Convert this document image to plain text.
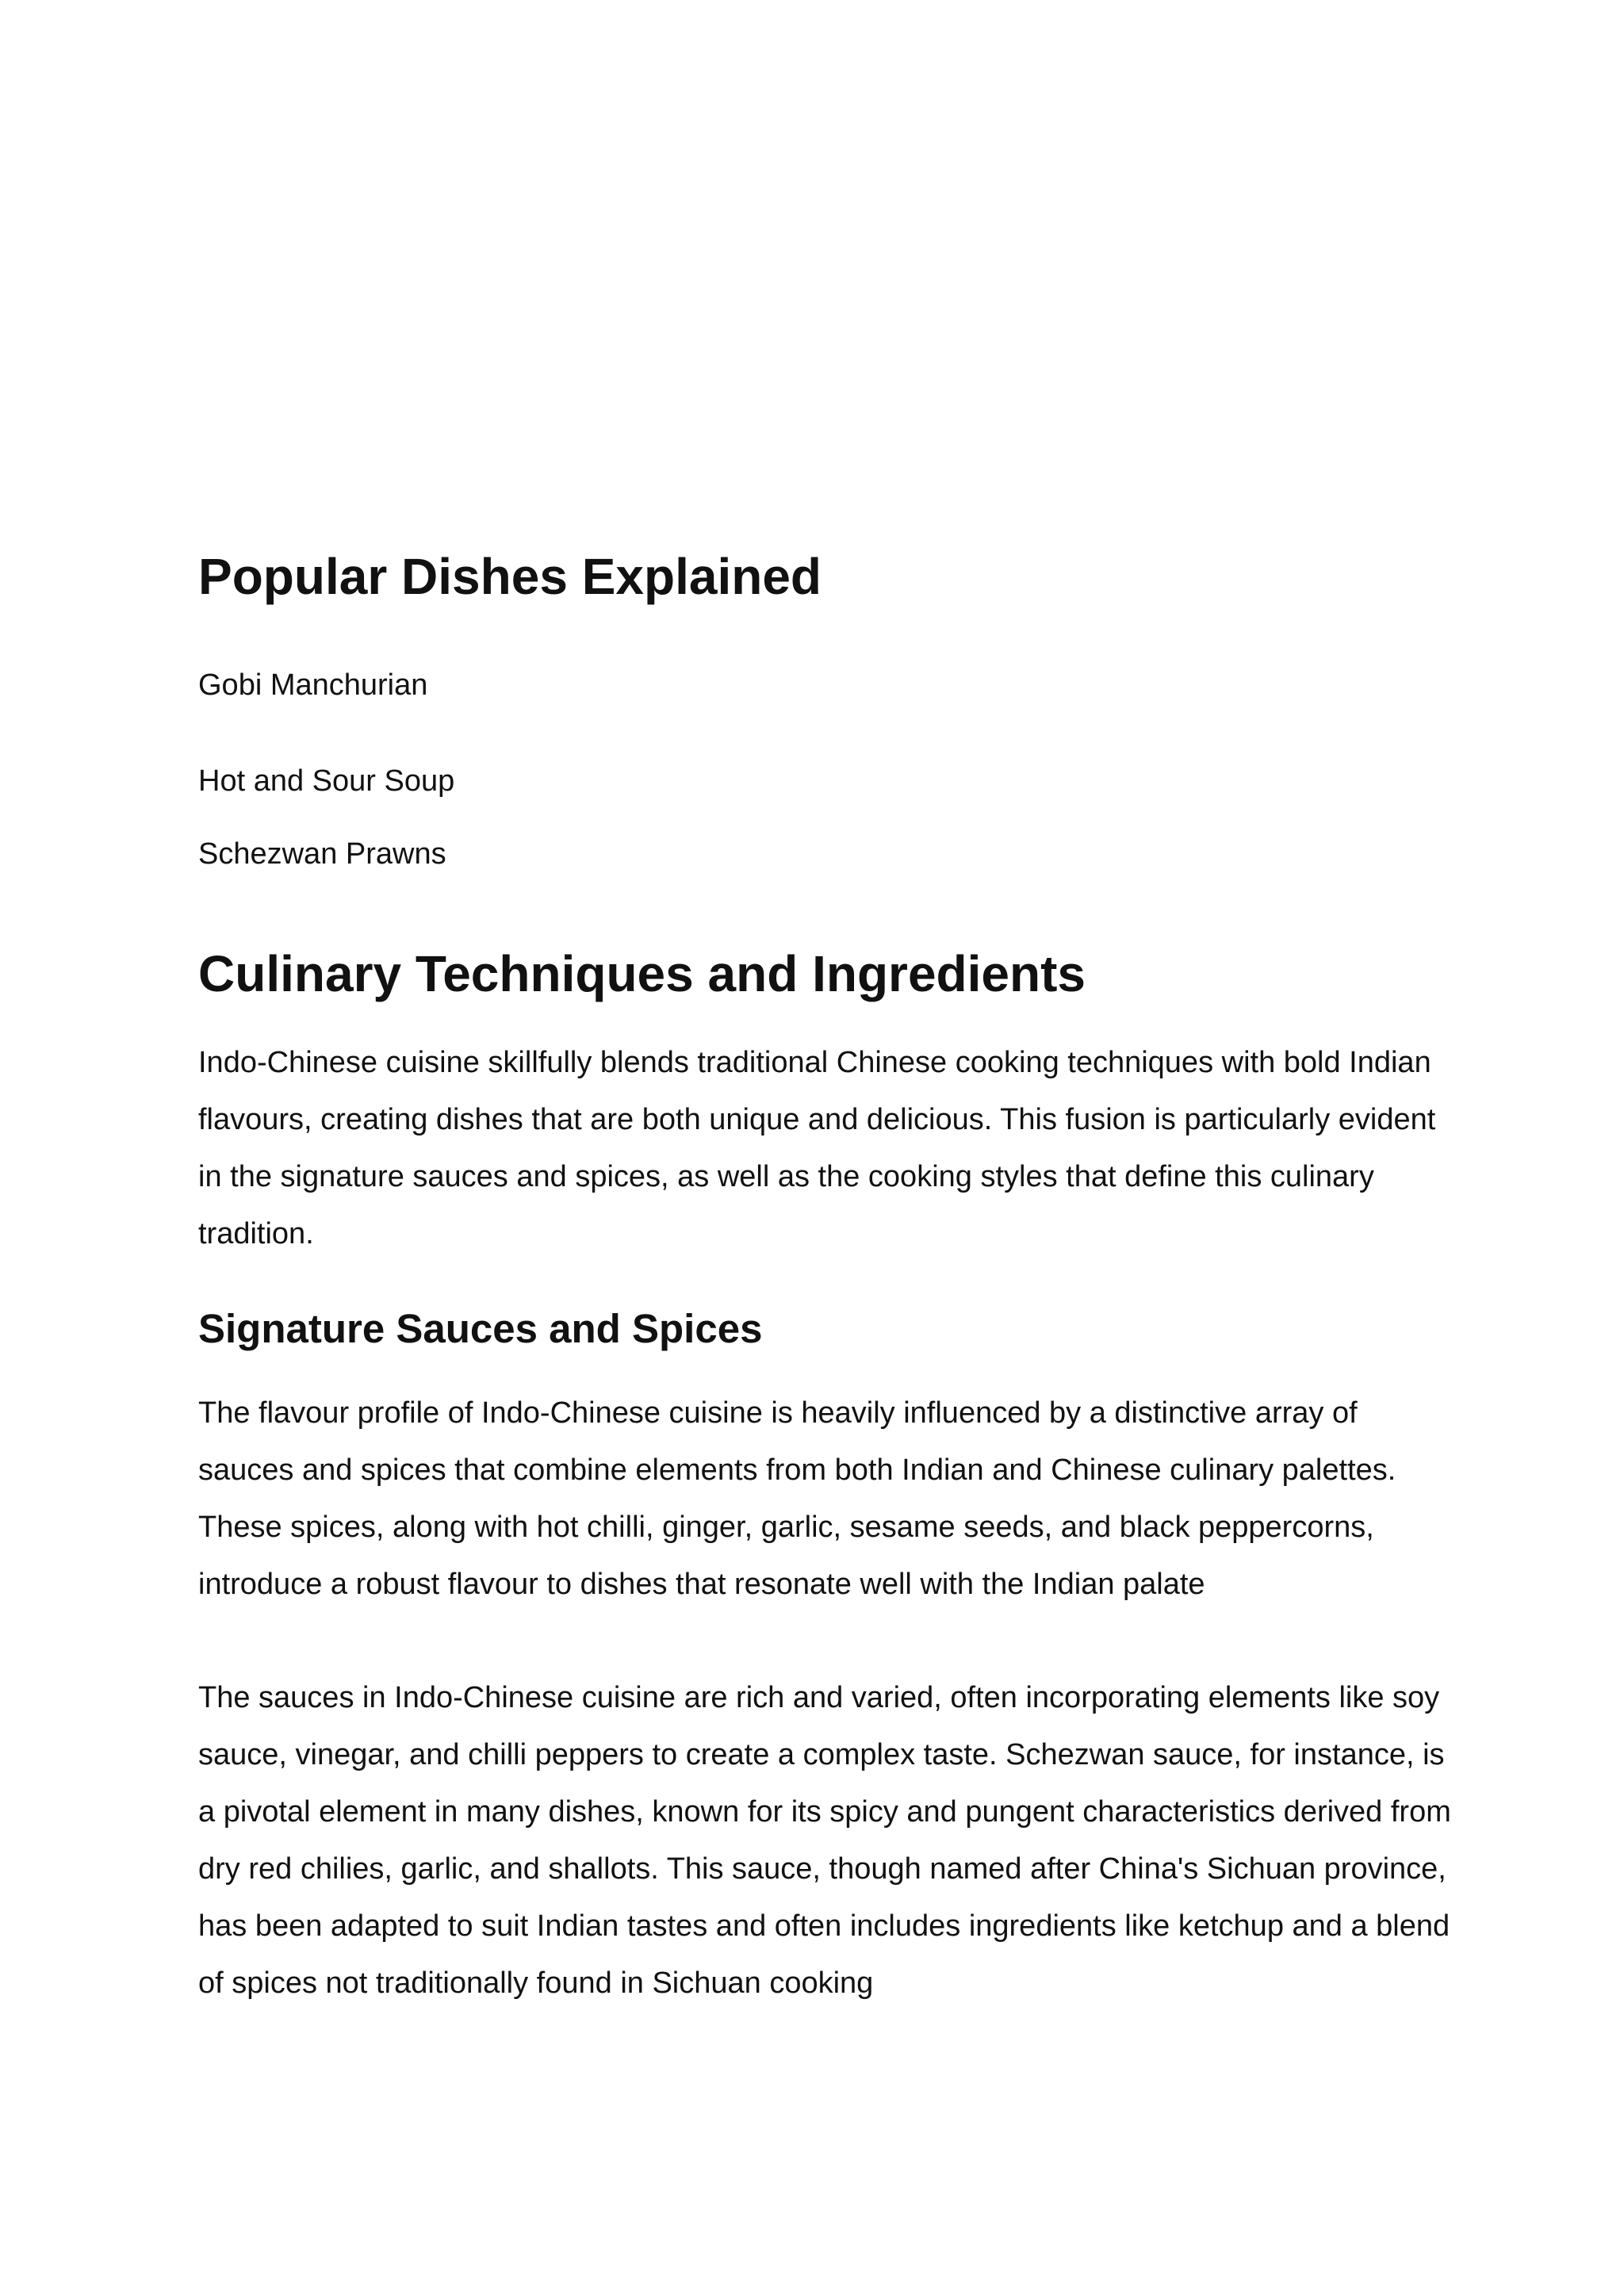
Popular Dishes Explained
Gobi Manchurian
Hot and Sour Soup
Schezwan Prawns
Culinary Techniques and Ingredients

Indo-Chinese cuisine skillfully blends traditional Chinese cooking techniques with bold Indian flavours, creating dishes that are both unique and delicious. This fusion is particularly evident in the signature sauces and spices, as well as the cooking styles that define this culinary tradition.

Signature Sauces and Spices

The flavour profile of Indo-Chinese cuisine is heavily influenced by a distinctive array of sauces and spices that combine elements from both Indian and Chinese culinary palettes. These spices, along with hot chilli, ginger, garlic, sesame seeds, and black peppercorns, introduce a robust flavour to dishes that resonate well with the Indian palate

The sauces in Indo-Chinese cuisine are rich and varied, often incorporating elements like soy sauce, vinegar, and chilli peppers to create a complex taste. Schezwan sauce, for instance, is a pivotal element in many dishes, known for its spicy and pungent characteristics derived from dry red chilies, garlic, and shallots. This sauce, though named after China's Sichuan province, has been adapted to suit Indian tastes and often includes ingredients like ketchup and a blend of spices not traditionally found in Sichuan cooking
